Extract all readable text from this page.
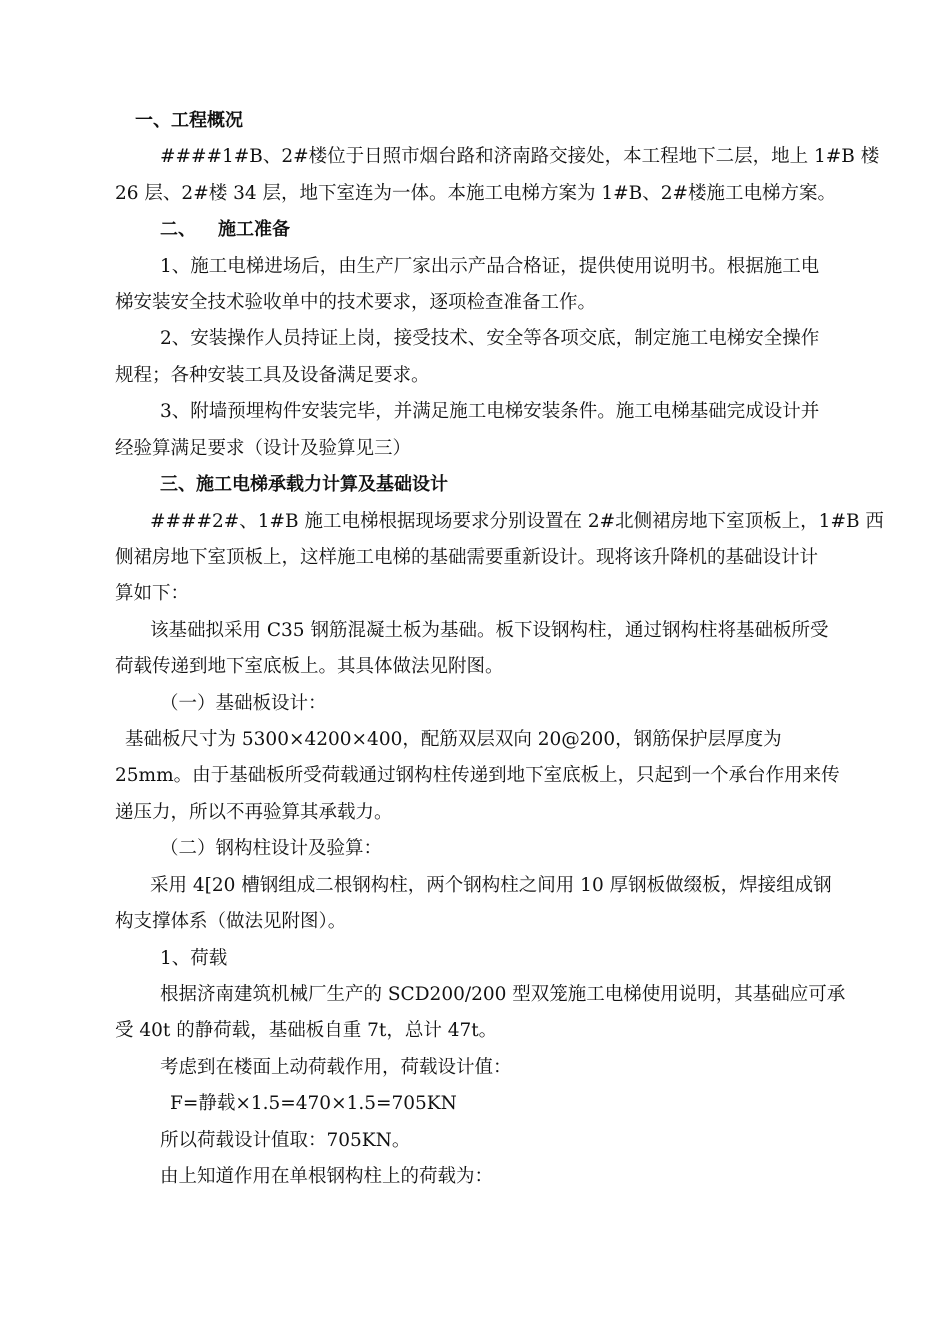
一、工程概况
####1#B、2#楼位于日照市烟台路和济南路交接处，本工程地下二层，地上 1#B 楼
26 层、2#楼 34 层，地下室连为一体。本施工电梯方案为 1#B、2#楼施工电梯方案。
二、 施工准备
1、施工电梯进场后，由生产厂家出示产品合格证，提供使用说明书。根据施工电
梯安装安全技术验收单中的技术要求，逐项检查准备工作。
2、安装操作人员持证上岗，接受技术、安全等各项交底，制定施工电梯安全操作
规程；各种安装工具及设备满足要求。
3、附墙预埋构件安装完毕，并满足施工电梯安装条件。施工电梯基础完成设计并
经验算满足要求（设计及验算见三）
三、施工电梯承载力计算及基础设计
####2#、1#B 施工电梯根据现场要求分别设置在 2#北侧裙房地下室顶板上，1#B 西
侧裙房地下室顶板上，这样施工电梯的基础需要重新设计。现将该升降机的基础设计计
算如下：
该基础拟采用 C35 钢筋混凝土板为基础。板下设钢构柱，通过钢构柱将基础板所受
荷载传递到地下室底板上。其具体做法见附图。
（一）基础板设计：
基础板尺寸为 5300×4200×400，配筋双层双向 20@200，钢筋保护层厚度为
25mm。由于基础板所受荷载通过钢构柱传递到地下室底板上，只起到一个承台作用来传
递压力，所以不再验算其承载力。
（二）钢构柱设计及验算：
采用 4[20 槽钢组成二根钢构柱，两个钢构柱之间用 10 厚钢板做缀板，焊接组成钢
构支撑体系（做法见附图）。
1、荷载
根据济南建筑机械厂生产的 SCD200/200 型双笼施工电梯使用说明，其基础应可承
受 40t 的静荷载，基础板自重 7t，总计 47t。
考虑到在楼面上动荷载作用，荷载设计值：
F=静载×1.5=470×1.5=705KN
所以荷载设计值取：705KN。
由上知道作用在单根钢构柱上的荷载为：
